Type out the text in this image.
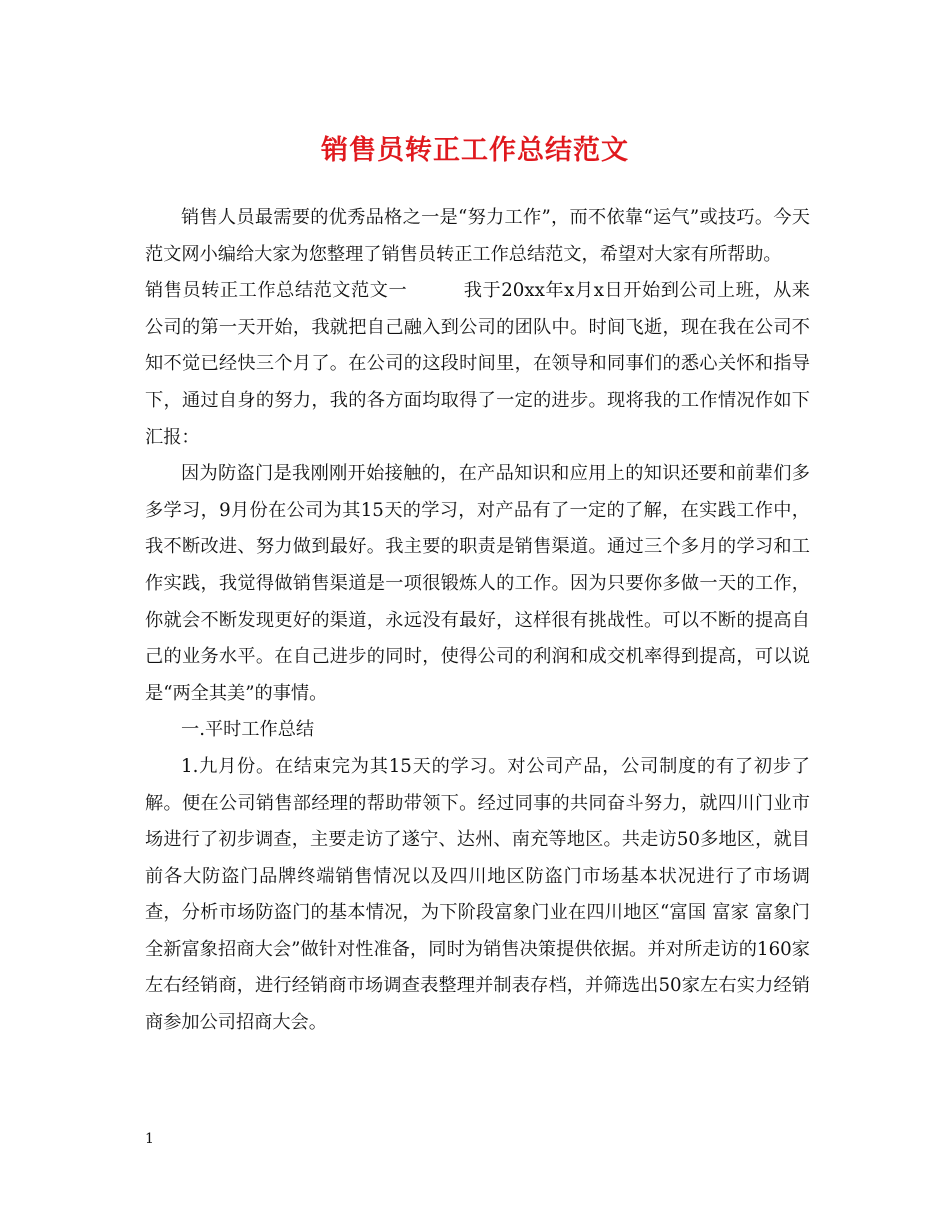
销售员转正工作总结范文

销售人员最需要的优秀品格之一是“努力工作”，而不依靠“运气”或技巧。今天范文网小编给大家为您整理了销售员转正工作总结范文，希望对大家有所帮助。

销售员转正工作总结范文范文一	我于20xx年x月x日开始到公司上班，从来公司的第一天开始，我就把自己融入到公司的团队中。时间飞逝，现在我在公司不知不觉已经快三个月了。在公司的这段时间里，在领导和同事们的悉心关怀和指导下，通过自身的努力，我的各方面均取得了一定的进步。现将我的工作情况作如下汇报：

因为防盗门是我刚刚开始接触的，在产品知识和应用上的知识还要和前辈们多多学习，9月份在公司为其15天的学习，对产品有了一定的了解，在实践工作中，我不断改进、努力做到最好。我主要的职责是销售渠道。通过三个多月的学习和工作实践，我觉得做销售渠道是一项很锻炼人的工作。因为只要你多做一天的工作，你就会不断发现更好的渠道，永远没有最好，这样很有挑战性。可以不断的提高自己的业务水平。在自己进步的同时，使得公司的利润和成交机率得到提高，可以说是“两全其美”的事情。

一.平时工作总结

1.九月份。在结束完为其15天的学习。对公司产品，公司制度的有了初步了解。便在公司销售部经理的帮助带领下。经过同事的共同奋斗努力，就四川门业市场进行了初步调查，主要走访了遂宁、达州、南充等地区。共走访50多地区，就目前各大防盗门品牌终端销售情况以及四川地区防盗门市场基本状况进行了市场调查，分析市场防盗门的基本情况，为下阶段富象门业在四川地区“富国 富家 富象门 全新富象招商大会”做针对性准备，同时为销售决策提供依据。并对所走访的160家左右经销商，进行经销商市场调查表整理并制表存档，并筛选出50家左右实力经销商参加公司招商大会。

1
